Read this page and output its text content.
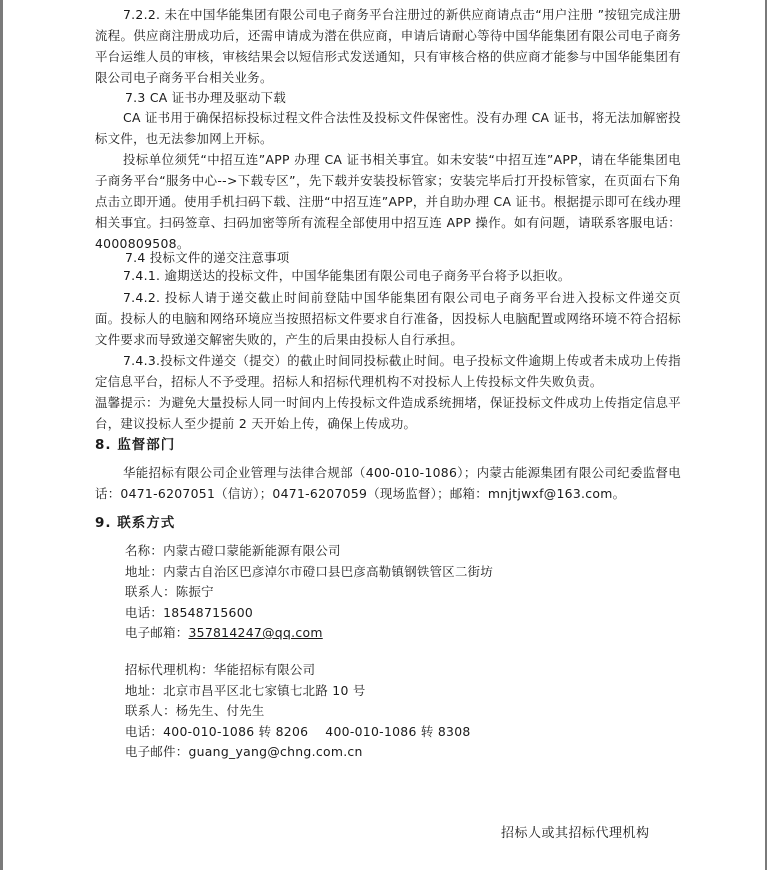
7.2.2. 未在中国华能集团有限公司电子商务平台注册过的新供应商请点击“用户注册 ”按钮完成注册流程。供应商注册成功后，还需申请成为潜在供应商，申请后请耐心等待中国华能集团有限公司电子商务平台运维人员的审核，审核结果会以短信形式发送通知，只有审核合格的供应商才能参与中国华能集团有限公司电子商务平台相关业务。

7.3 CA 证书办理及驱动下载

CA 证书用于确保招标投标过程文件合法性及投标文件保密性。没有办理 CA 证书，将无法加解密投标文件，也无法参加网上开标。

投标单位须凭“中招互连”APP 办理 CA 证书相关事宜。如未安装“中招互连”APP，请在华能集团电子商务平台“服务中心-->下载专区”，先下载并安装投标管家；安装完毕后打开投标管家，在页面右下角点击立即开通。使用手机扫码下载、注册“中招互连”APP，并自助办理 CA 证书。根据提示即可在线办理相关事宜。扫码签章、扫码加密等所有流程全部使用中招互连 APP 操作。如有问题，请联系客服电话：4000809508。

7.4 投标文件的递交注意事项

7.4.1. 逾期送达的投标文件，中国华能集团有限公司电子商务平台将予以拒收。

7.4.2. 投标人请于递交截止时间前登陆中国华能集团有限公司电子商务平台进入投标文件递交页面。投标人的电脑和网络环境应当按照招标文件要求自行准备，因投标人电脑配置或网络环境不符合招标文件要求而导致递交解密失败的，产生的后果由投标人自行承担。

7.4.3.投标文件递交（提交）的截止时间同投标截止时间。电子投标文件逾期上传或者未成功上传指定信息平台，招标人不予受理。招标人和招标代理机构不对投标人上传投标文件失败负责。

温馨提示：为避免大量投标人同一时间内上传投标文件造成系统拥堵，保证投标文件成功上传指定信息平台，建议投标人至少提前 2 天开始上传，确保上传成功。

8. 监督部门

华能招标有限公司企业管理与法律合规部（400-010-1086）；内蒙古能源集团有限公司纪委监督电话：0471-6207051（信访）；0471-6207059（现场监督）；邮箱：mnjtjwxf@163.com。

9. 联系方式

名称：内蒙古磴口蒙能新能源有限公司

地址：内蒙古自治区巴彦淖尔市磴口县巴彦高勒镇钢铁管区二街坊

联系人：陈振宁

电话：18548715600

电子邮箱：357814247@qq.com

招标代理机构：华能招标有限公司

地址：北京市昌平区北七家镇七北路 10 号

联系人：杨先生、付先生

电话：400-010-1086 转 8206    400-010-1086 转 8308

电子邮件：guang_yang@chng.com.cn

招标人或其招标代理机构
